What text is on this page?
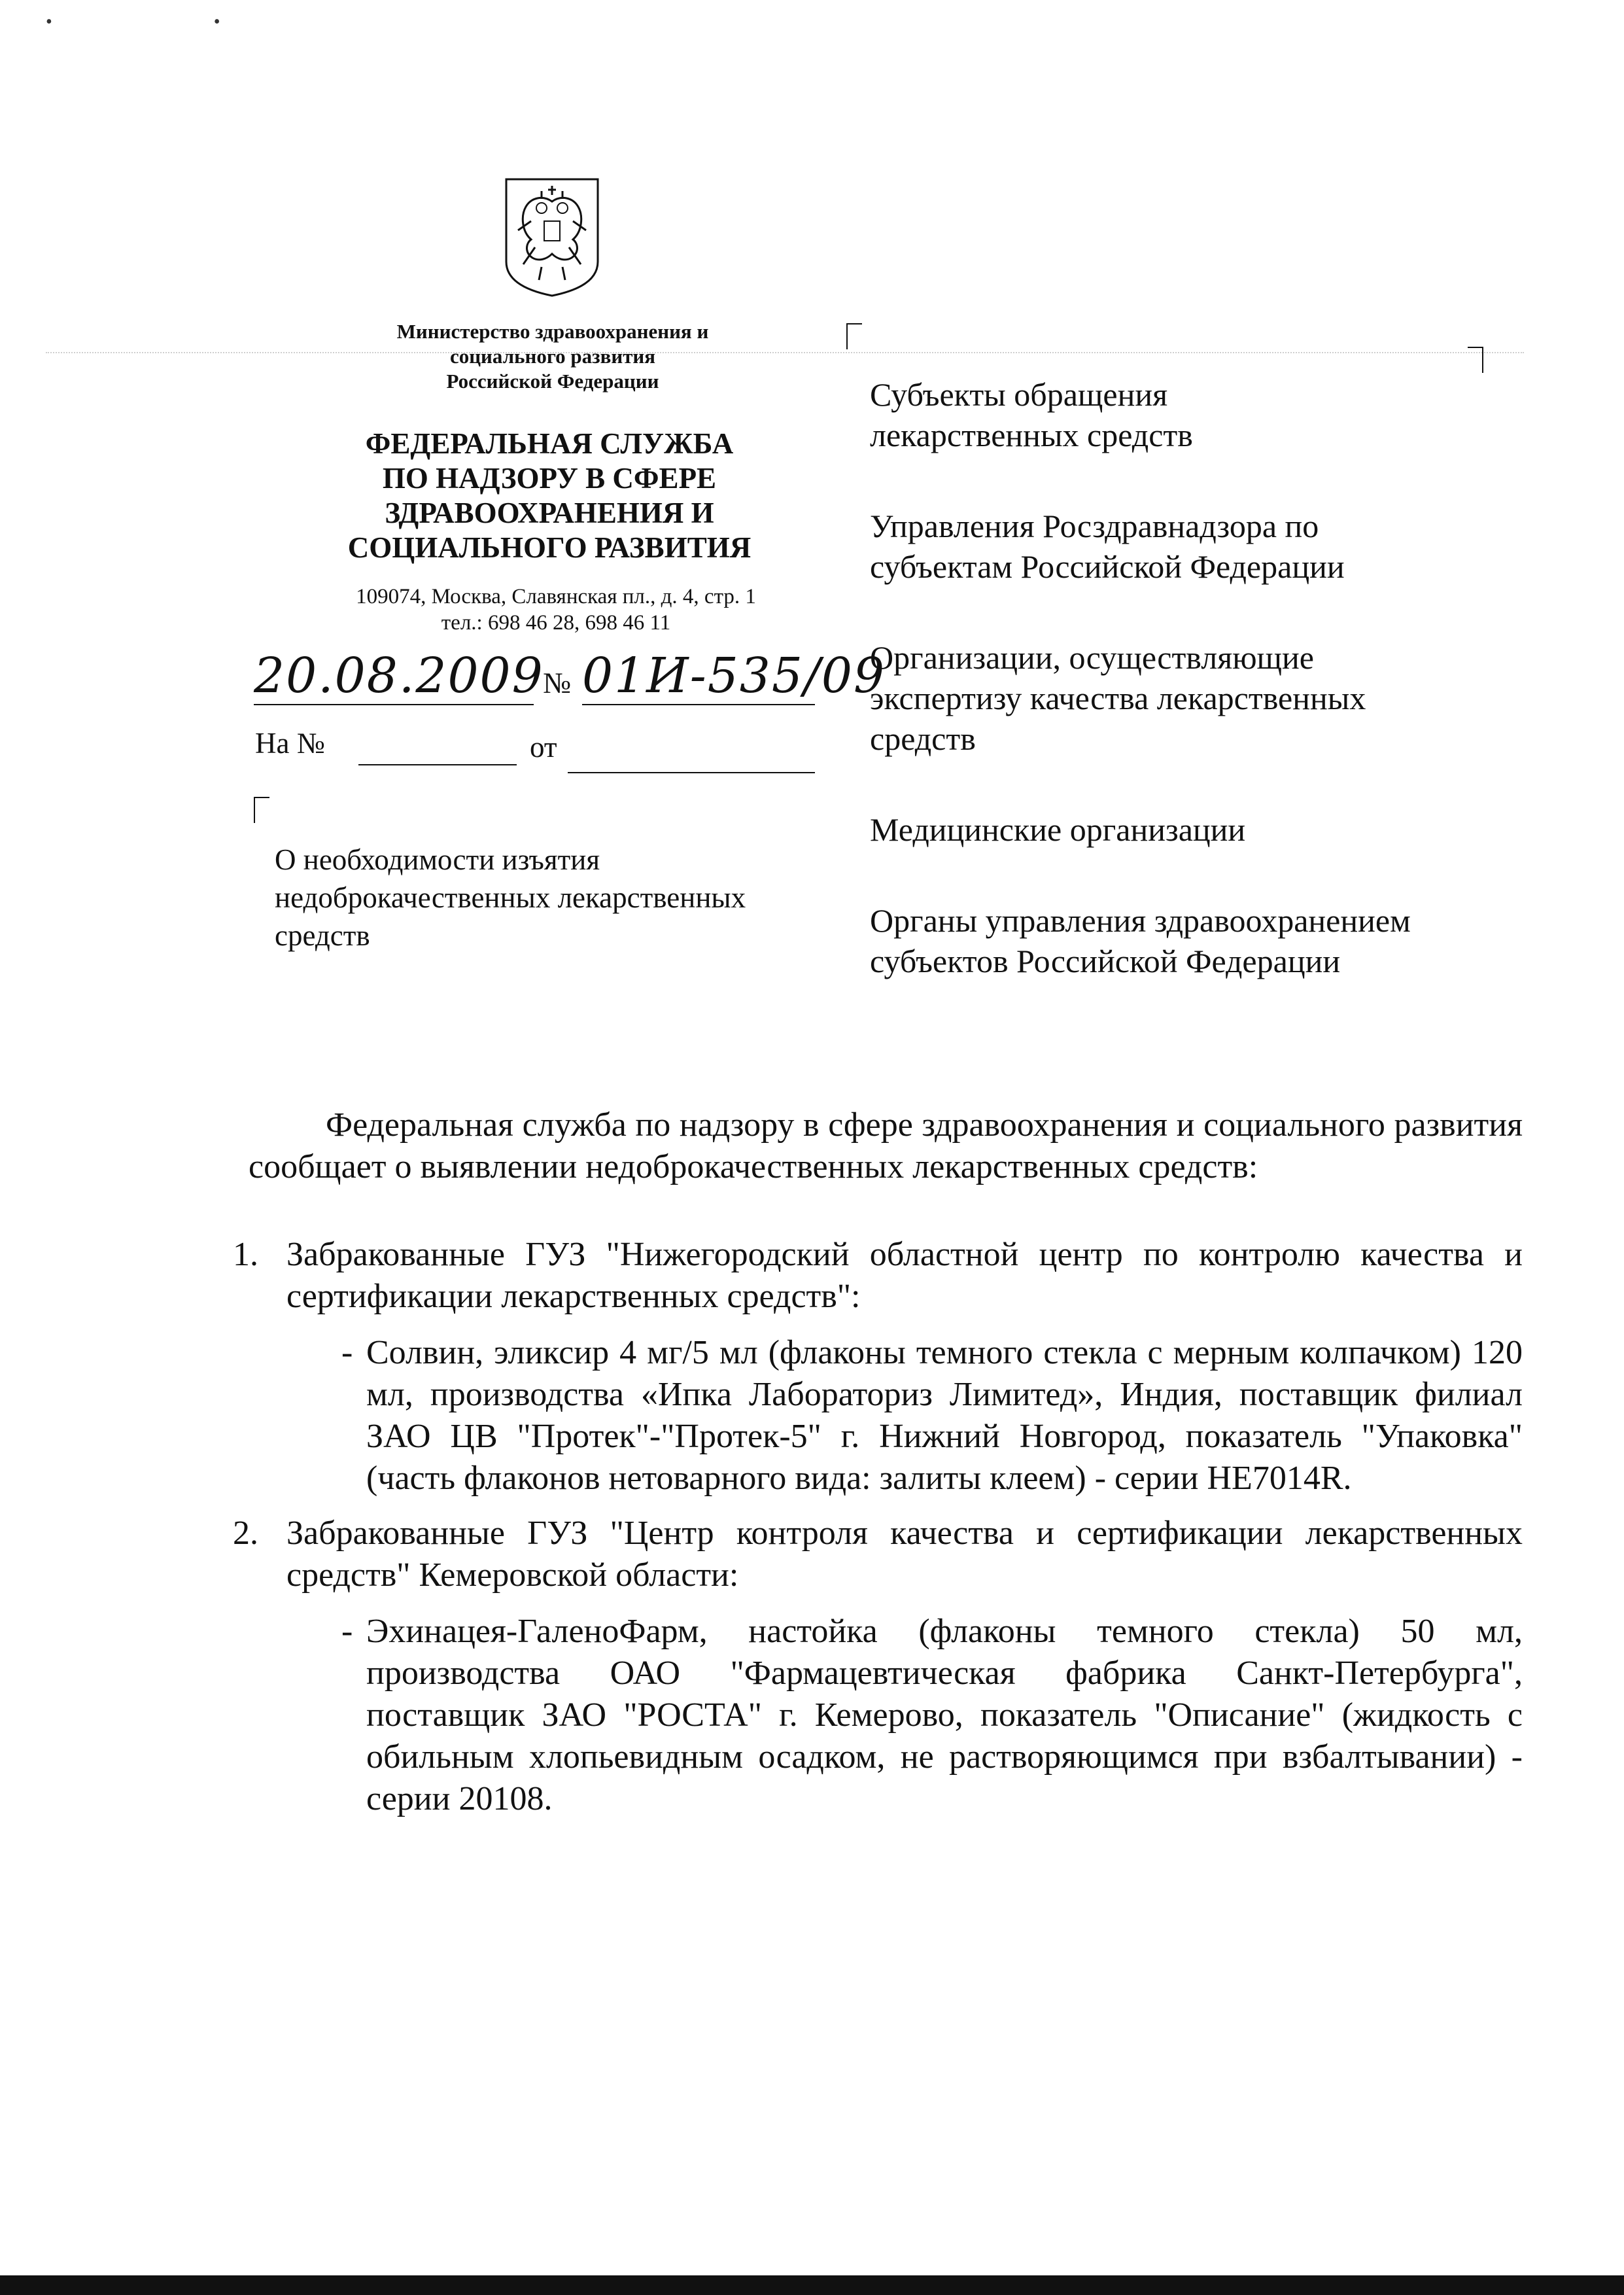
• •
Министерство здравоохранения и
социального развития
Российской Федерации
ФЕДЕРАЛЬНАЯ СЛУЖБА
ПО НАДЗОРУ В СФЕРЕ
ЗДРАВООХРАНЕНИЯ И
СОЦИАЛЬНОГО РАЗВИТИЯ
109074, Москва, Славянская пл., д. 4, стр. 1
тел.: 698 46 28, 698 46 11
20.08.2009
№ 01И-535/09
На №	от
О необходимости изъятия
недоброкачественных лекарственных
средств
Субъекты обращения
лекарственных средств
Управления Росздравнадзора по
субъектам Российской Федерации
Организации, осуществляющие
экспертизу качества лекарственных
средств
Медицинские организации
Органы управления здравоохранением
субъектов Российской Федерации

Федеральная служба по надзору в сфере здравоохранения и социального развития сообщает о выявлении недоброкачественных лекарственных средств:

1. Забракованные ГУЗ "Нижегородский областной центр по контролю качества и сертификации лекарственных средств":
- Солвин, эликсир 4 мг/5 мл (флаконы темного стекла с мерным колпачком) 120 мл, производства «Ипка Лабораториз Лимитед», Индия, поставщик филиал ЗАО ЦВ "Протек"-"Протек-5" г. Нижний Новгород, показатель "Упаковка" (часть флаконов нетоварного вида: залиты клеем) - серии HE7014R.
2. Забракованные ГУЗ "Центр контроля качества и сертификации лекарственных средств" Кемеровской области:
- Эхинацея-ГаленоФарм, настойка (флаконы темного стекла) 50 мл, производства ОАО "Фармацевтическая фабрика Санкт-Петербурга", поставщик ЗАО "РОСТА" г. Кемерово, показатель "Описание" (жидкость с обильным хлопьевидным осадком, не растворяющимся при взбалтывании) - серии 20108.
